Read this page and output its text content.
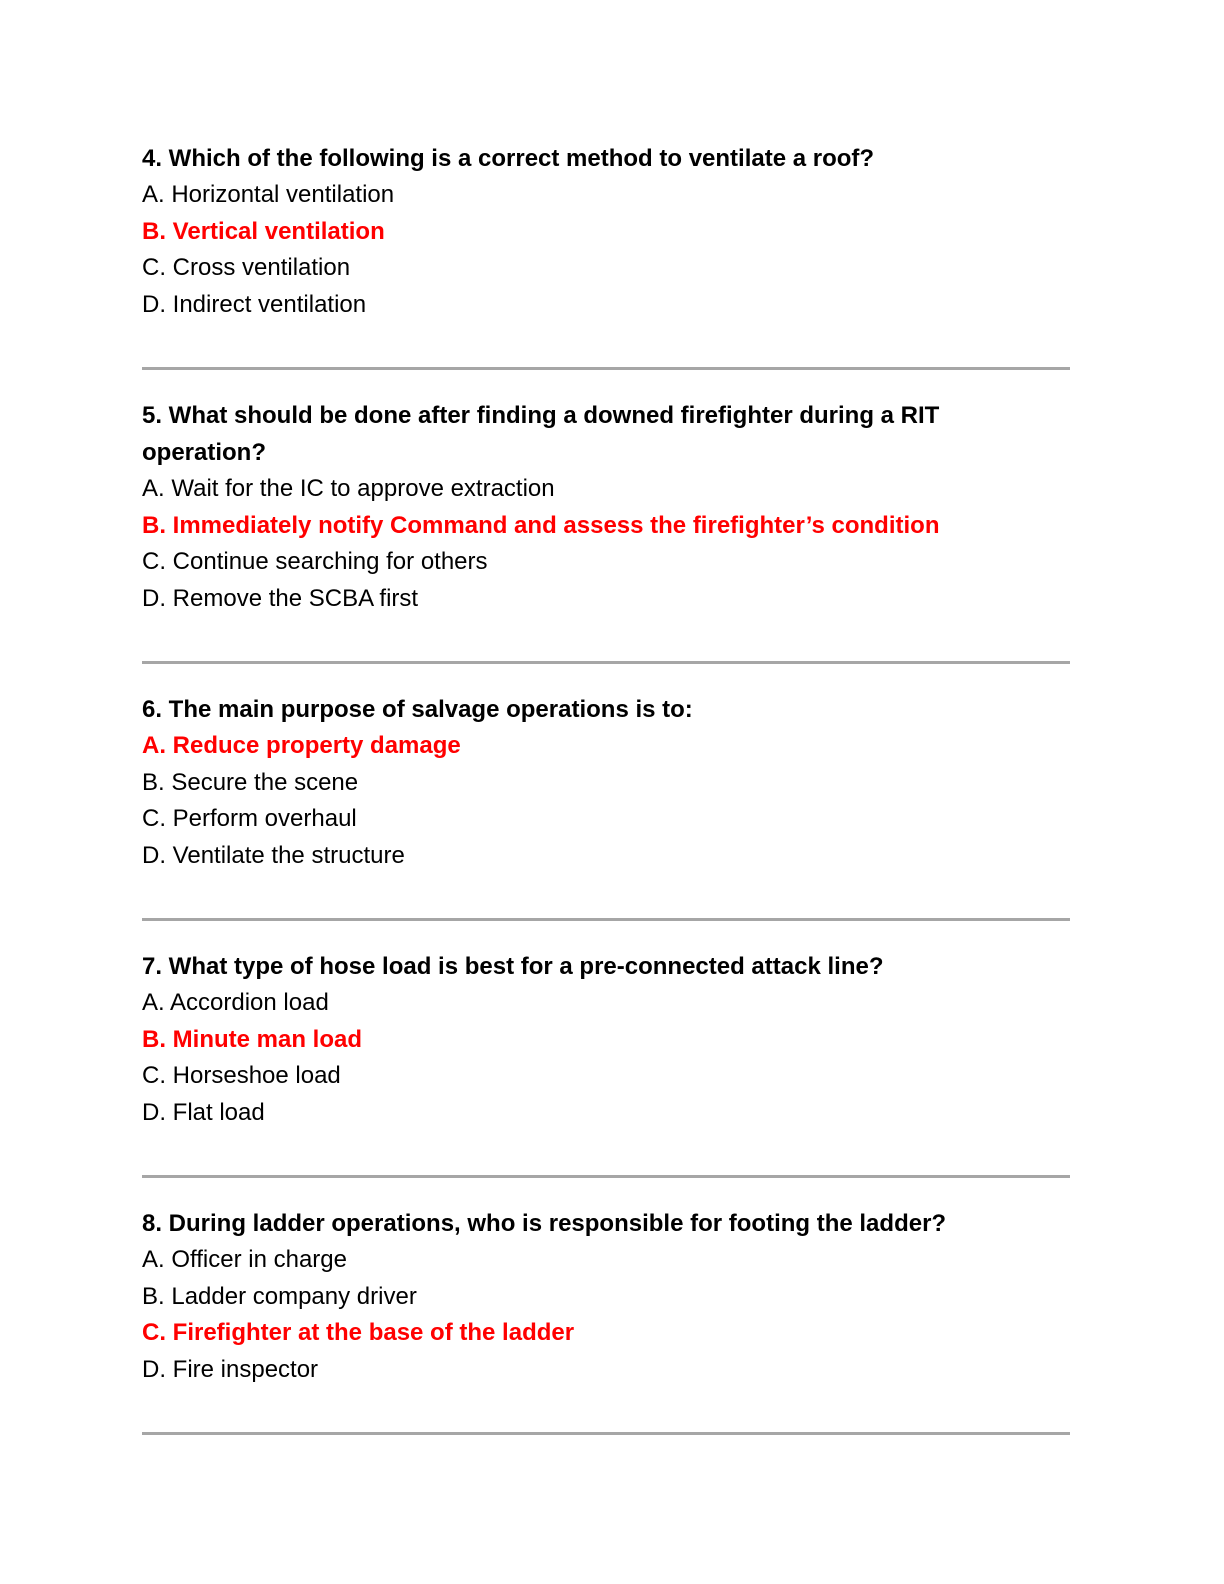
4. Which of the following is a correct method to ventilate a roof?

A. Horizontal ventilation

B. Vertical ventilation

C. Cross ventilation

D. Indirect ventilation

5. What should be done after finding a downed firefighter during a RIT operation?

A. Wait for the IC to approve extraction

B. Immediately notify Command and assess the firefighter’s condition

C. Continue searching for others

D. Remove the SCBA first

6. The main purpose of salvage operations is to:

A. Reduce property damage

B. Secure the scene

C. Perform overhaul

D. Ventilate the structure

7. What type of hose load is best for a pre-connected attack line?

A. Accordion load

B. Minute man load

C. Horseshoe load

D. Flat load

8. During ladder operations, who is responsible for footing the ladder?

A. Officer in charge

B. Ladder company driver

C. Firefighter at the base of the ladder

D. Fire inspector
